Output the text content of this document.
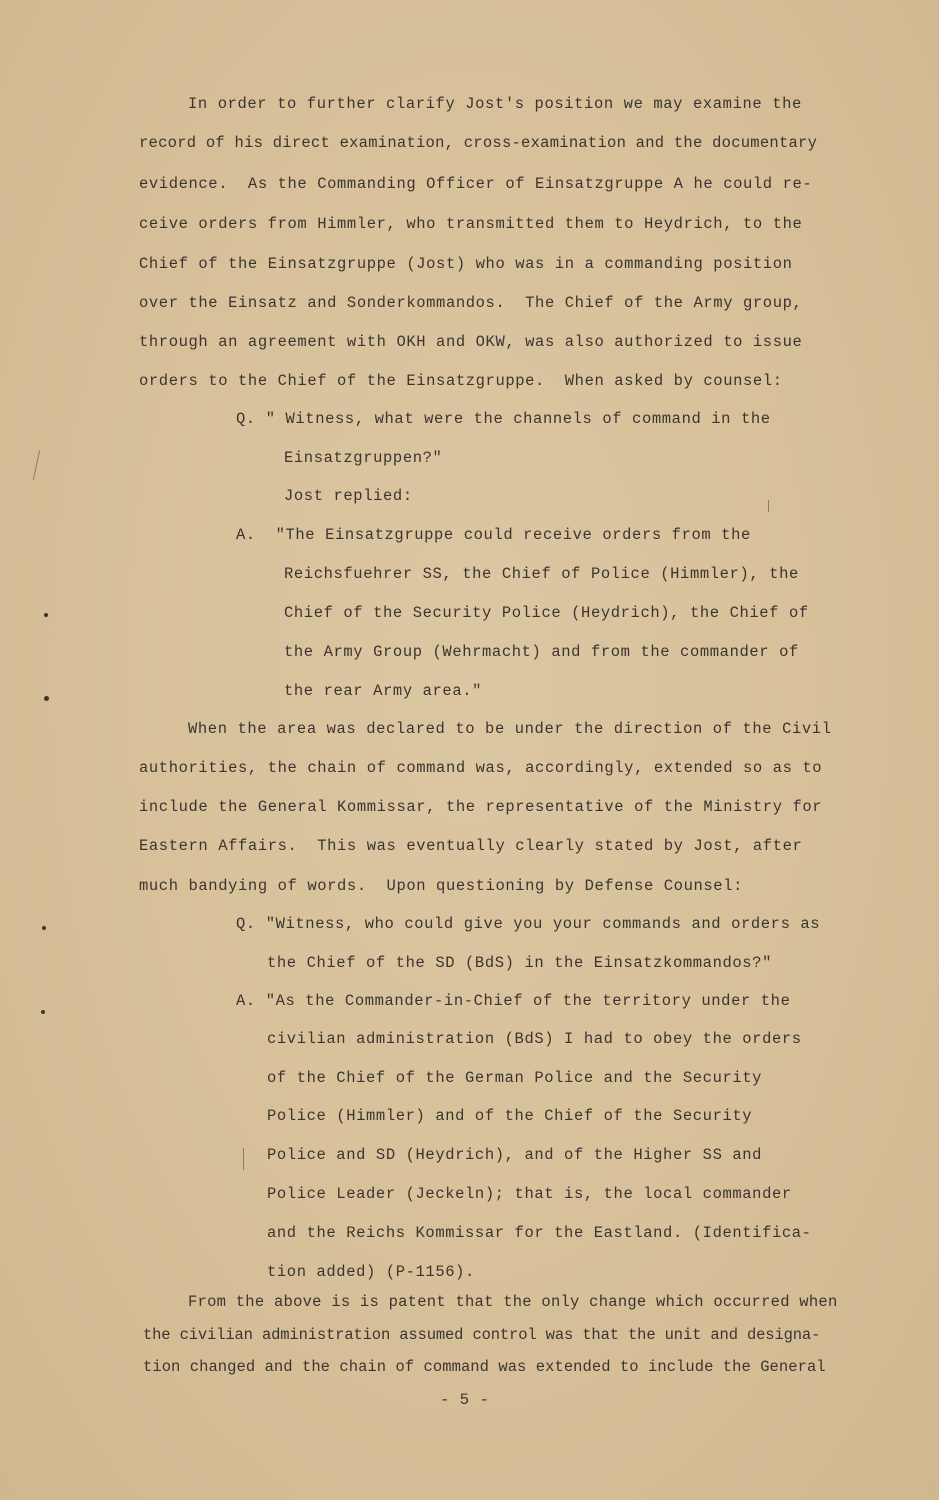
In order to further clarify Jost's position we may examine the
record of his direct examination, cross-examination and the documentary
evidence.  As the Commanding Officer of Einsatzgruppe A he could re-
ceive orders from Himmler, who transmitted them to Heydrich, to the
Chief of the Einsatzgruppe (Jost) who was in a commanding position
over the Einsatz and Sonderkommandos.  The Chief of the Army group,
through an agreement with OKH and OKW, was also authorized to issue
orders to the Chief of the Einsatzgruppe.  When asked by counsel:
Q. " Witness, what were the channels of command in the
Einsatzgruppen?"
Jost replied:
A.  "The Einsatzgruppe could receive orders from the
Reichsfuehrer SS, the Chief of Police (Himmler), the
Chief of the Security Police (Heydrich), the Chief of
the Army Group (Wehrmacht) and from the commander of
the rear Army area."
When the area was declared to be under the direction of the Civil
authorities, the chain of command was, accordingly, extended so as to
include the General Kommissar, the representative of the Ministry for
Eastern Affairs.  This was eventually clearly stated by Jost, after
much bandying of words.  Upon questioning by Defense Counsel:
Q. "Witness, who could give you your commands and orders as
the Chief of the SD (BdS) in the Einsatzkommandos?"
A. "As the Commander-in-Chief of the territory under the
civilian administration (BdS) I had to obey the orders
of the Chief of the German Police and the Security
Police (Himmler) and of the Chief of the Security
Police and SD (Heydrich), and of the Higher SS and
Police Leader (Jeckeln); that is, the local commander
and the Reichs Kommissar for the Eastland. (Identifica-
tion added) (P-1156).
From the above is is patent that the only change which occurred when
the civilian administration assumed control was that the unit and designa-
tion changed and the chain of command was extended to include the General
- 5 -
